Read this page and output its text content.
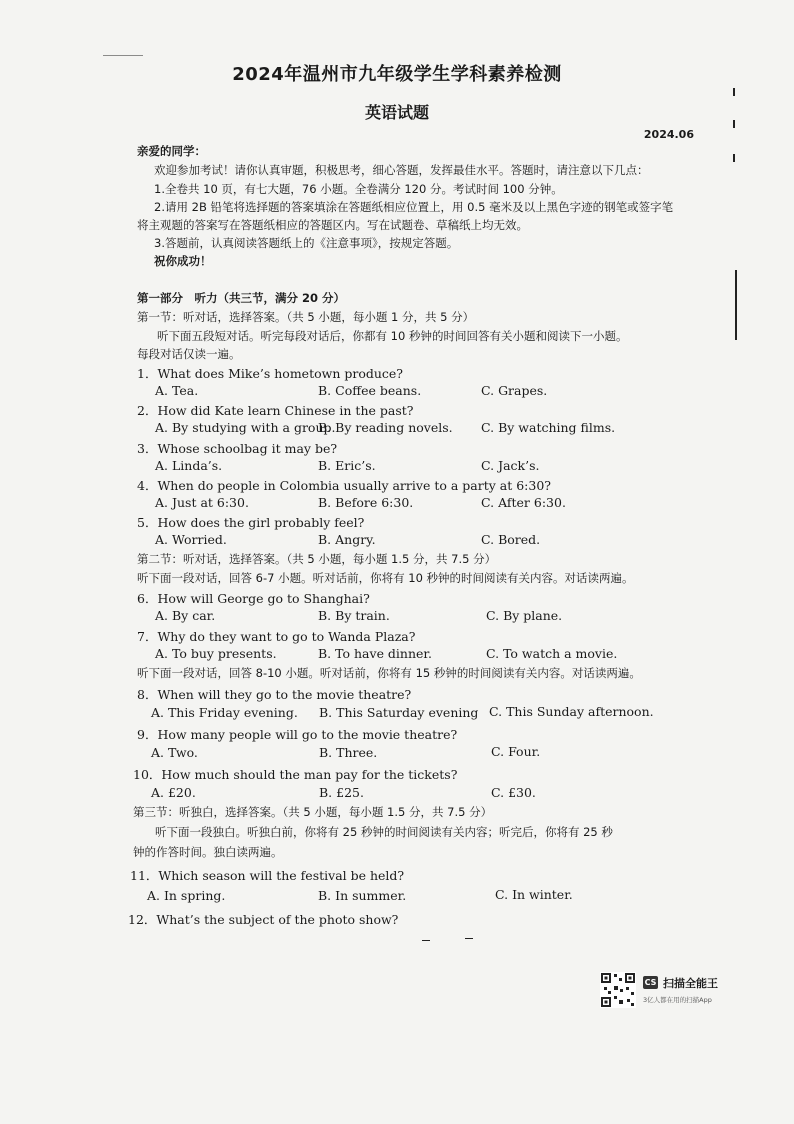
2024年温州市九年级学生学科素养检测
英语试题
2024.06
亲爱的同学：
欢迎参加考试！请你认真审题，积极思考，细心答题，发挥最佳水平。答题时，请注意以下几点：
1.全卷共 10 页，有七大题，76 小题。全卷满分 120 分。考试时间 100 分钟。
2.请用 2B 铅笔将选择题的答案填涂在答题纸相应位置上，用 0.5 毫米及以上黑色字迹的钢笔或签字笔
将主观题的答案写在答题纸相应的答题区内。写在试题卷、草稿纸上均无效。
3.答题前，认真阅读答题纸上的《注意事项》，按规定答题。
祝你成功！
第一部分　听力（共三节，满分 20 分）
第一节：听对话，选择答案。（共 5 小题，每小题 1 分，共 5 分）
听下面五段短对话。听完每段对话后，你都有 10 秒钟的时间回答有关小题和阅读下一小题。
每段对话仅读一遍。
1．What does Mike’s hometown produce?
A. Tea.	B. Coffee beans.	C. Grapes.
2．How did Kate learn Chinese in the past?
A. By studying with a group.
B. By reading novels. C. By watching films.
3．Whose schoolbag it may be?
A. Linda’s.	B. Eric’s.	C. Jack’s.
4．When do people in Colombia usually arrive to a party at 6:30?
A. Just at 6:30.	B. Before 6:30.	C. After 6:30.
5．How does the girl probably feel?
A. Worried.	B. Angry.	C. Bored.
第二节：听对话，选择答案。（共 5 小题，每小题 1.5 分，共 7.5 分）
听下面一段对话，回答 6-7 小题。听对话前，你将有 10 秒钟的时间阅读有关内容。对话读两遍。
6．How will George go to Shanghai?
A. By car.	B. By train.	C. By plane.
7．Why do they want to go to Wanda Plaza?
A. To buy presents.	B. To have dinner.	C. To watch a movie.
听下面一段对话，回答 8-10 小题。听对话前，你将有 15 秒钟的时间阅读有关内容。对话读两遍。
8．When will they go to the movie theatre?
A. This Friday evening. B. This Saturday evening C. This Sunday afternoon.
9．How many people will go to the movie theatre?
A. Two.	B. Three.	C. Four.
10．How much should the man pay for the tickets?
A. £20.	B. £25.	C. £30.
第三节：听独白，选择答案。（共 5 小题，每小题 1.5 分，共 7.5 分）
听下面一段独白。听独白前，你将有 25 秒钟的时间阅读有关内容；听完后，你将有 25 秒
钟的作答时间。独白读两遍。
11．Which season will the festival be held?
A. In spring.	B. In summer.	C. In winter.
12．What’s the subject of the photo show?
CS 扫描全能王
3亿人都在用的扫描App
